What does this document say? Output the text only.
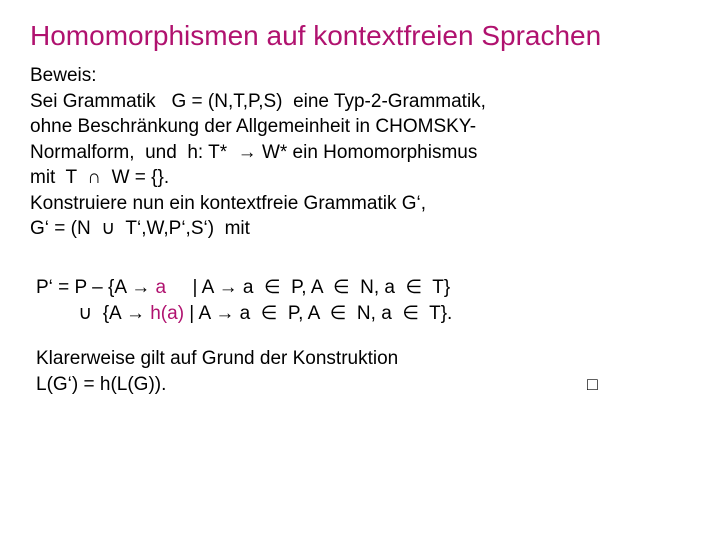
Homomorphismen auf kontextfreien Sprachen
Beweis:
Sei Grammatik   G = (N,T,P,S)  eine Typ-2-Grammatik,
ohne Beschränkung der Allgemeinheit in CHOMSKY-
Normalform,  und  h: T*  → W* ein Homomorphismus
mit  T  ∩  W = {}.
Konstruiere nun ein kontextfreie Grammatik G‘,
G‘ = (N  ∪  T‘,W,P‘,S‘)  mit
P‘ = P – {A → a     | A → a  ∈  P, A  ∈  N, a  ∈  T}
∪  {A → h(a) | A → a  ∈  P, A  ∈  N, a  ∈  T}.
Klarerweise gilt auf Grund der Konstruktion
L(G‘) = h(L(G)).	□
